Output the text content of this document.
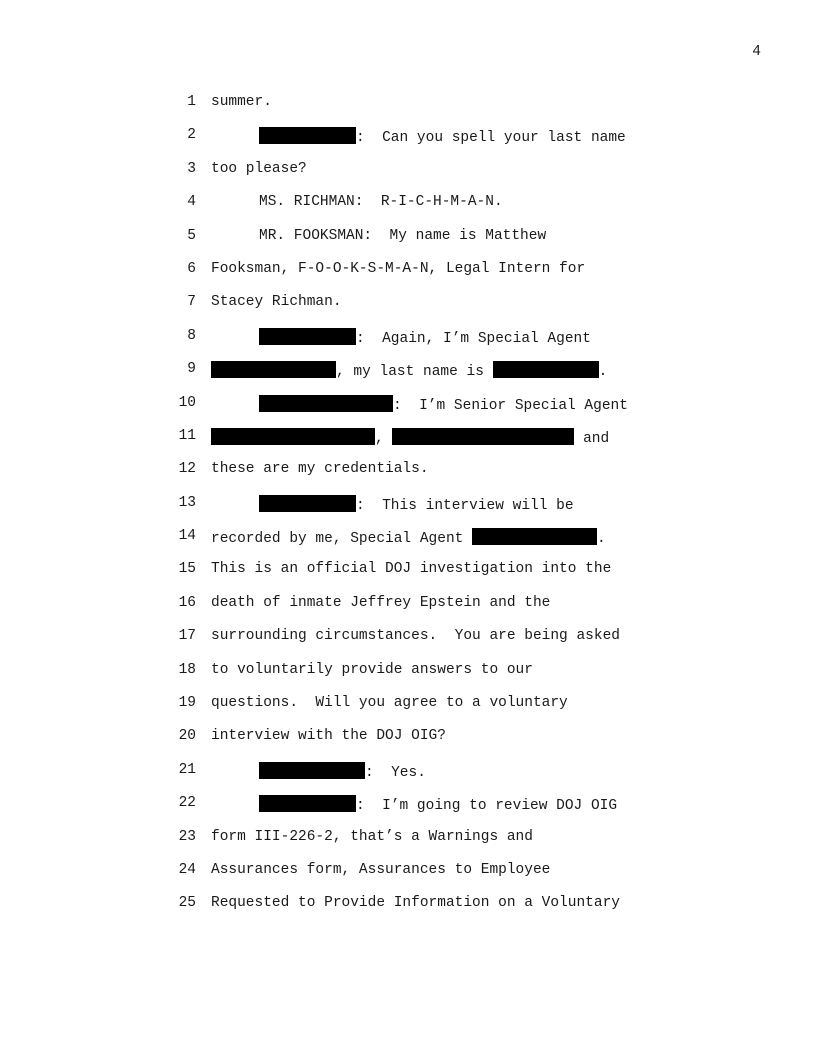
4

1

summer.

2

	:  Can you spell your last name

3

too please?

4

	MS. RICHMAN:  R-I-C-H-M-A-N.

5

	MR. FOOKSMAN:  My name is Matthew

6

Fooksman, F-O-O-K-S-M-A-N, Legal Intern for

7

Stacey Richman.

8

	:  Again, I’m Special Agent

9

	, my last name is	.

10

	:  I’m Senior Special Agent

11

	,	and

12

these are my credentials.

13

	:  This interview will be

14

recorded by me, Special Agent	.

15

This is an official DOJ investigation into the

16

death of inmate Jeffrey Epstein and the

17

surrounding circumstances.  You are being asked

18

to voluntarily provide answers to our

19

questions.  Will you agree to a voluntary

20

interview with the DOJ OIG?

21

	:  Yes.

22

	:  I’m going to review DOJ OIG

23

form III-226-2, that’s a Warnings and

24

Assurances form, Assurances to Employee

25

Requested to Provide Information on a Voluntary
